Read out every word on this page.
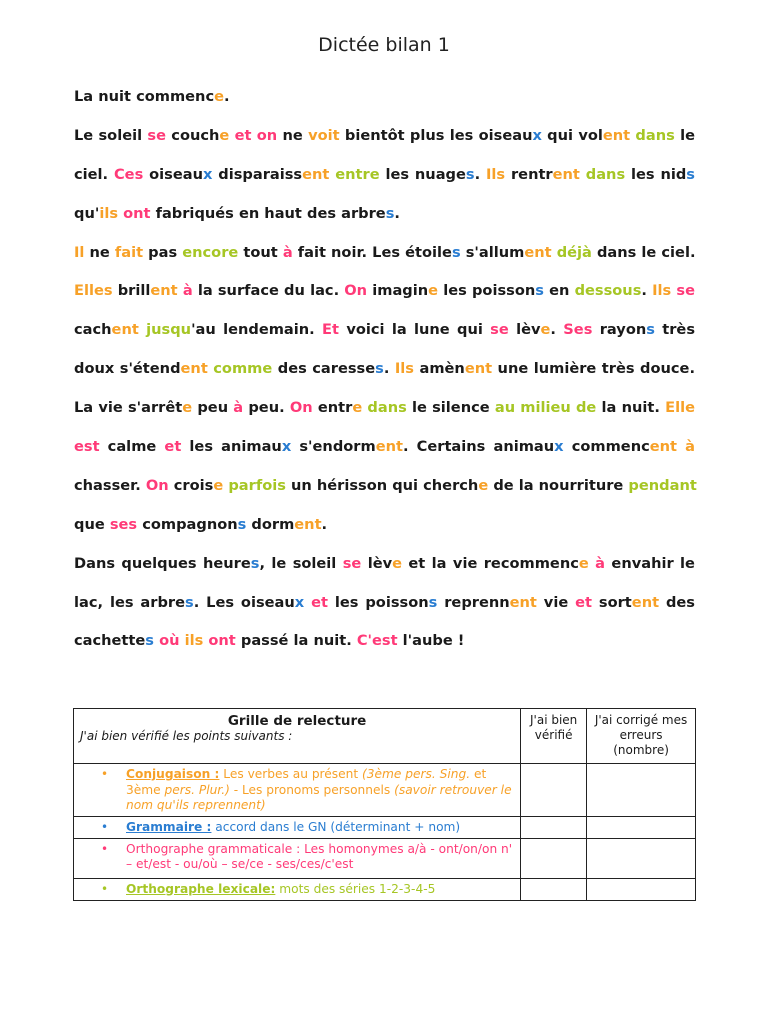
Dictée bilan 1
La nuit commence.
Le soleil se couche et on ne voit bientôt plus les oiseaux qui volent dans le
ciel. Ces oiseaux disparaissent entre les nuages. Ils rentrent dans les nids
qu'ils ont fabriqués en haut des arbres.
Il ne fait pas encore tout à fait noir. Les étoiles s'allument déjà dans le ciel.
Elles brillent à la surface du lac. On imagine les poissons en dessous. Ils se
cachent jusqu'au lendemain. Et voici la lune qui se lève. Ses rayons très
doux s'étendent comme des caresses. Ils amènent une lumière très douce.
La vie s'arrête peu à peu. On entre dans le silence au milieu de la nuit. Elle
est calme et les animaux s'endorment. Certains animaux commencent à
chasser. On croise parfois un hérisson qui cherche de la nourriture pendant
que ses compagnons dorment.
Dans quelques heures, le soleil se lève et la vie recommence à envahir le
lac, les arbres. Les oiseaux et les poissons reprennent vie et sortent des
cachettes où ils ont passé la nuit. C'est l'aube !
Grille de relecture
J'ai bien vérifié les points suivants :	J'ai bien vérifié	J'ai corrigé mes erreurs (nombre)

• Conjugaison : Les verbes au présent (3ème pers. Sing. et 3ème pers. Plur.) - Les pronoms personnels (savoir retrouver le nom qu'ils reprennent)		

• Grammaire : accord dans le GN (déterminant + nom)		

• Orthographe grammaticale : Les homonymes a/à - ont/on/on n' – et/est - ou/où – se/ce - ses/ces/c'est		

• Orthographe lexicale: mots des séries 1-2-3-4-5		
